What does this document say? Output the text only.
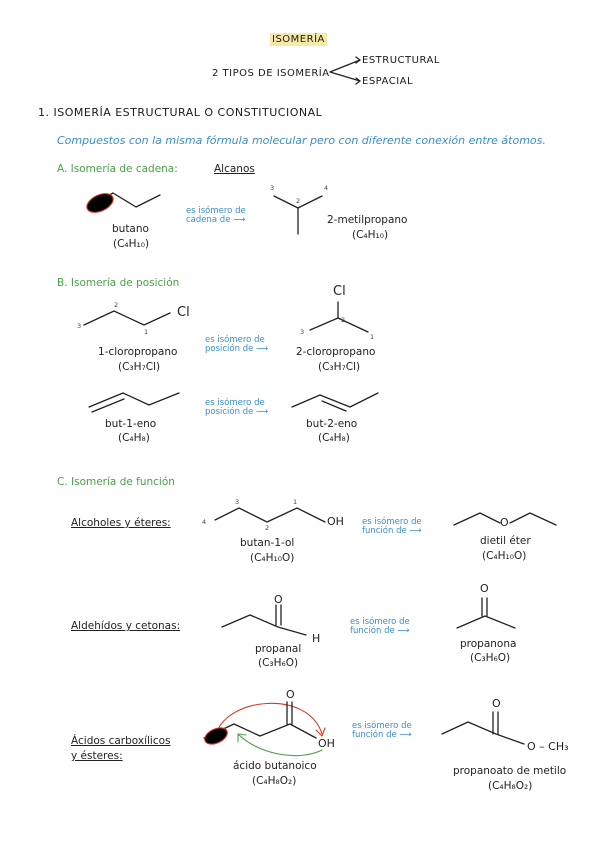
ISOMERÍA
2 TIPOS DE ISOMERÍA
ESTRUCTURAL
ESPACIAL
1. ISOMERÍA ESTRUCTURAL O CONSTITUCIONAL
Compuestos con la misma fórmula molecular pero con diferente conexión entre átomos.
A. Isomería de cadena:	Alcanos
butano
(C₄H₁₀)
es isómero de
cadena de ⟶
3
2
4
2-metilpropano
(C₄H₁₀)
B. Isomería de posición
3
2
1
Cl
1-cloropropano
(C₃H₇Cl)
es isómero de
posición de ⟶
Cl
3
2
1
2-cloropropano
(C₃H₇Cl)
but-1-eno
(C₄H₈)
es isómero de
posición de ⟶
but-2-eno
(C₄H₈)
C. Isomería de función
Alcoholes y éteres:	4
3
2
1
OH
butan-1-ol
(C₄H₁₀O)
es isómero de
función de ⟶
O
dietil éter
(C₄H₁₀O)
Aldehídos y cetonas:
O
H
propanal
(C₃H₆O)
es isómero de
función de ⟶
O
propanona
(C₃H₆O)
Ácidos carboxílicos
y ésteres:
O
OH
ácido butanoico
(C₄H₈O₂)
es isómero de
función de ⟶
O
O – CH₃
propanoato de metilo
(C₄H₈O₂)
